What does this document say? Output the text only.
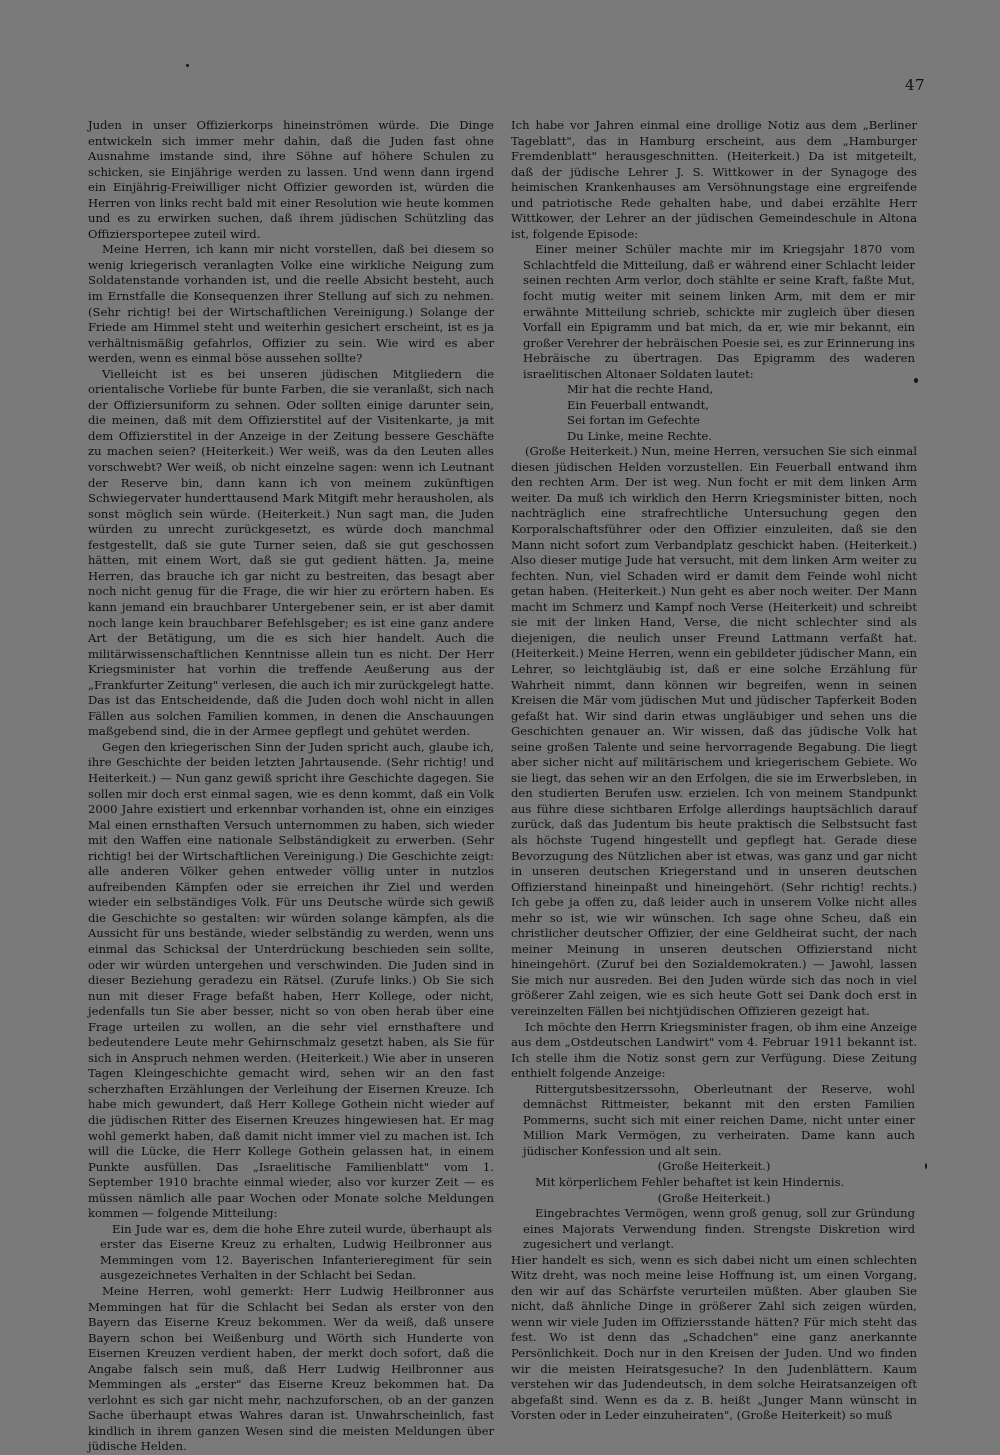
47

Juden in unser Offizierkorps hineinströmen würde. Die Dinge entwickeln sich immer mehr dahin, daß die Juden fast ohne Ausnahme imstande sind, ihre Söhne auf höhere Schulen zu schicken, sie Einjährige werden zu lassen. Und wenn dann irgend ein Einjährig-Freiwilliger nicht Offizier geworden ist, würden die Herren von links recht bald mit einer Resolution wie heute kommen und es zu erwirken suchen, daß ihrem jüdischen Schützling das Offiziersportepee zuteil wird.

Meine Herren, ich kann mir nicht vorstellen, daß bei diesem so wenig kriegerisch veranlagten Volke eine wirkliche Neigung zum Soldatenstande vorhanden ist, und die reelle Absicht besteht, auch im Ernstfalle die Konsequenzen ihrer Stellung auf sich zu nehmen. (Sehr richtig! bei der Wirtschaftlichen Vereinigung.) Solange der Friede am Himmel steht und weiterhin gesichert erscheint, ist es ja verhältnismäßig gefahrlos, Offizier zu sein. Wie wird es aber werden, wenn es einmal böse aussehen sollte?

Vielleicht ist es bei unseren jüdischen Mitgliedern die orientalische Vorliebe für bunte Farben, die sie veranlaßt, sich nach der Offiziersuniform zu sehnen. Oder sollten einige darunter sein, die meinen, daß mit dem Offizierstitel auf der Visitenkarte, ja mit dem Offizierstitel in der Anzeige in der Zeitung bessere Geschäfte zu machen seien? (Heiterkeit.) Wer weiß, was da den Leuten alles vorschwebt? Wer weiß, ob nicht einzelne sagen: wenn ich Leutnant der Reserve bin, dann kann ich von meinem zukünftigen Schwiegervater hunderttausend Mark Mitgift mehr herausholen, als sonst möglich sein würde. (Heiterkeit.) Nun sagt man, die Juden würden zu unrecht zurückgesetzt, es würde doch manchmal festgestellt, daß sie gute Turner seien, daß sie gut geschossen hätten, mit einem Wort, daß sie gut gedient hätten. Ja, meine Herren, das brauche ich gar nicht zu bestreiten, das besagt aber noch nicht genug für die Frage, die wir hier zu erörtern haben. Es kann jemand ein brauchbarer Untergebener sein, er ist aber damit noch lange kein brauchbarer Befehlsgeber; es ist eine ganz andere Art der Betätigung, um die es sich hier handelt. Auch die militärwissenschaftlichen Kenntnisse allein tun es nicht. Der Herr Kriegsminister hat vorhin die treffende Aeußerung aus der „Frankfurter Zeitung" verlesen, die auch ich mir zurückgelegt hatte. Das ist das Entscheidende, daß die Juden doch wohl nicht in allen Fällen aus solchen Familien kommen, in denen die Anschauungen maßgebend sind, die in der Armee gepflegt und gehütet werden.

Gegen den kriegerischen Sinn der Juden spricht auch, glaube ich, ihre Geschichte der beiden letzten Jahrtausende. (Sehr richtig! und Heiterkeit.) — Nun ganz gewiß spricht ihre Geschichte dagegen. Sie sollen mir doch erst einmal sagen, wie es denn kommt, daß ein Volk 2000 Jahre existiert und erkennbar vorhanden ist, ohne ein einziges Mal einen ernsthaften Versuch unternommen zu haben, sich wieder mit den Waffen eine nationale Selbständigkeit zu erwerben. (Sehr richtig! bei der Wirtschaftlichen Vereinigung.) Die Geschichte zeigt: alle anderen Völker gehen entweder völlig unter in nutzlos aufreibenden Kämpfen oder sie erreichen ihr Ziel und werden wieder ein selbständiges Volk. Für uns Deutsche würde sich gewiß die Geschichte so gestalten: wir würden solange kämpfen, als die Aussicht für uns bestände, wieder selbständig zu werden, wenn uns einmal das Schicksal der Unterdrückung beschieden sein sollte, oder wir würden untergehen und verschwinden. Die Juden sind in dieser Beziehung geradezu ein Rätsel. (Zurufe links.) Ob Sie sich nun mit dieser Frage befaßt haben, Herr Kollege, oder nicht, jedenfalls tun Sie aber besser, nicht so von oben herab über eine Frage urteilen zu wollen, an die sehr viel ernsthaftere und bedeutendere Leute mehr Gehirnschmalz gesetzt haben, als Sie für sich in Anspruch nehmen werden. (Heiterkeit.) Wie aber in unseren Tagen Kleingeschichte gemacht wird, sehen wir an den fast scherzhaften Erzählungen der Verleihung der Eisernen Kreuze. Ich habe mich gewundert, daß Herr Kollege Gothein nicht wieder auf die jüdischen Ritter des Eisernen Kreuzes hingewiesen hat. Er mag wohl gemerkt haben, daß damit nicht immer viel zu machen ist. Ich will die Lücke, die Herr Kollege Gothein gelassen hat, in einem Punkte ausfüllen. Das „Israelitische Familienblatt" vom 1. September 1910 brachte einmal wieder, also vor kurzer Zeit — es müssen nämlich alle paar Wochen oder Monate solche Meldungen kommen — folgende Mitteilung:

Ein Jude war es, dem die hohe Ehre zuteil wurde, überhaupt als erster das Eiserne Kreuz zu erhalten, Ludwig Heilbronner aus Memmingen vom 12. Bayerischen Infanterieregiment für sein ausgezeichnetes Verhalten in der Schlacht bei Sedan.

Meine Herren, wohl gemerkt: Herr Ludwig Heilbronner aus Memmingen hat für die Schlacht bei Sedan als erster von den Bayern das Eiserne Kreuz bekommen. Wer da weiß, daß unsere Bayern schon bei Weißenburg und Wörth sich Hunderte von Eisernen Kreuzen verdient haben, der merkt doch sofort, daß die Angabe falsch sein muß, daß Herr Ludwig Heilbronner aus Memmingen als „erster" das Eiserne Kreuz bekommen hat. Da verlohnt es sich gar nicht mehr, nachzuforschen, ob an der ganzen Sache überhaupt etwas Wahres daran ist. Unwahrscheinlich, fast kindlich in ihrem ganzen Wesen sind die meisten Meldungen über jüdische Helden.

Ich habe vor Jahren einmal eine drollige Notiz aus dem „Berliner Tageblatt", das in Hamburg erscheint, aus dem „Hamburger Fremdenblatt" herausgeschnitten. (Heiterkeit.) Da ist mitgeteilt, daß der jüdische Lehrer J. S. Wittkower in der Synagoge des heimischen Krankenhauses am Versöhnungstage eine ergreifende und patriotische Rede gehalten habe, und dabei erzählte Herr Wittkower, der Lehrer an der jüdischen Gemeindeschule in Altona ist, folgende Episode:

Einer meiner Schüler machte mir im Kriegsjahr 1870 vom Schlachtfeld die Mitteilung, daß er während einer Schlacht leider seinen rechten Arm verlor, doch stählte er seine Kraft, faßte Mut, focht mutig weiter mit seinem linken Arm, mit dem er mir erwähnte Mitteilung schrieb, schickte mir zugleich über diesen Vorfall ein Epigramm und bat mich, da er, wie mir bekannt, ein großer Verehrer der hebräischen Poesie sei, es zur Erinnerung ins Hebräische zu übertragen. Das Epigramm des waderen israelitischen Altonaer Soldaten lautet:

Mir hat die rechte Hand,
Ein Feuerball entwandt,
Sei fortan im Gefechte
Du Linke, meine Rechte.

(Große Heiterkeit.) Nun, meine Herren, versuchen Sie sich einmal diesen jüdischen Helden vorzustellen. Ein Feuerball entwand ihm den rechten Arm. Der ist weg. Nun focht er mit dem linken Arm weiter. Da muß ich wirklich den Herrn Kriegsminister bitten, noch nachträglich eine strafrechtliche Untersuchung gegen den Korporalschaftsführer oder den Offizier einzuleiten, daß sie den Mann nicht sofort zum Verbandplatz geschickt haben. (Heiterkeit.) Also dieser mutige Jude hat versucht, mit dem linken Arm weiter zu fechten. Nun, viel Schaden wird er damit dem Feinde wohl nicht getan haben. (Heiterkeit.) Nun geht es aber noch weiter. Der Mann macht im Schmerz und Kampf noch Verse (Heiterkeit) und schreibt sie mit der linken Hand, Verse, die nicht schlechter sind als diejenigen, die neulich unser Freund Lattmann verfaßt hat. (Heiterkeit.) Meine Herren, wenn ein gebildeter jüdischer Mann, ein Lehrer, so leichtgläubig ist, daß er eine solche Erzählung für Wahrheit nimmt, dann können wir begreifen, wenn in seinen Kreisen die Mär vom jüdischen Mut und jüdischer Tapferkeit Boden gefaßt hat. Wir sind darin etwas ungläubiger und sehen uns die Geschichten genauer an. Wir wissen, daß das jüdische Volk hat seine großen Talente und seine hervorragende Begabung. Die liegt aber sicher nicht auf militärischem und kriegerischem Gebiete. Wo sie liegt, das sehen wir an den Erfolgen, die sie im Erwerbsleben, in den studierten Berufen usw. erzielen. Ich von meinem Standpunkt aus führe diese sichtbaren Erfolge allerdings hauptsächlich darauf zurück, daß das Judentum bis heute praktisch die Selbstsucht fast als höchste Tugend hingestellt und gepflegt hat. Gerade diese Bevorzugung des Nützlichen aber ist etwas, was ganz und gar nicht in unseren deutschen Kriegerstand und in unseren deutschen Offizierstand hineinpaßt und hineingehört. (Sehr richtig! rechts.) Ich gebe ja offen zu, daß leider auch in unserem Volke nicht alles mehr so ist, wie wir wünschen. Ich sage ohne Scheu, daß ein christlicher deutscher Offizier, der eine Geldheirat sucht, der nach meiner Meinung in unseren deutschen Offizierstand nicht hineingehört. (Zuruf bei den Sozialdemokraten.) — Jawohl, lassen Sie mich nur ausreden. Bei den Juden würde sich das noch in viel größerer Zahl zeigen, wie es sich heute Gott sei Dank doch erst in vereinzelten Fällen bei nichtjüdischen Offizieren gezeigt hat.

Ich möchte den Herrn Kriegsminister fragen, ob ihm eine Anzeige aus dem „Ostdeutschen Landwirt" vom 4. Februar 1911 bekannt ist. Ich stelle ihm die Notiz sonst gern zur Verfügung. Diese Zeitung enthielt folgende Anzeige:

Rittergutsbesitzerssohn, Oberleutnant der Reserve, wohl demnächst Rittmeister, bekannt mit den ersten Familien Pommerns, sucht sich mit einer reichen Dame, nicht unter einer Million Mark Vermögen, zu verheiraten. Dame kann auch jüdischer Konfession und alt sein.

(Große Heiterkeit.)

Mit körperlichem Fehler behaftet ist kein Hindernis.

(Große Heiterkeit.)

Eingebrachtes Vermögen, wenn groß genug, soll zur Gründung eines Majorats Verwendung finden. Strengste Diskretion wird zugesichert und verlangt.

Hier handelt es sich, wenn es sich dabei nicht um einen schlechten Witz dreht, was noch meine leise Hoffnung ist, um einen Vorgang, den wir auf das Schärfste verurteilen müßten. Aber glauben Sie nicht, daß ähnliche Dinge in größerer Zahl sich zeigen würden, wenn wir viele Juden im Offiziersstande hätten? Für mich steht das fest. Wo ist denn das „Schadchen" eine ganz anerkannte Persönlichkeit. Doch nur in den Kreisen der Juden. Und wo finden wir die meisten Heiratsgesuche? In den Judenblättern. Kaum verstehen wir das Judendeutsch, in dem solche Heiratsanzeigen oft abgefaßt sind. Wenn es da z. B. heißt „Junger Mann wünscht in Vorsten oder in Leder einzuheiraten", (Große Heiterkeit) so muß
